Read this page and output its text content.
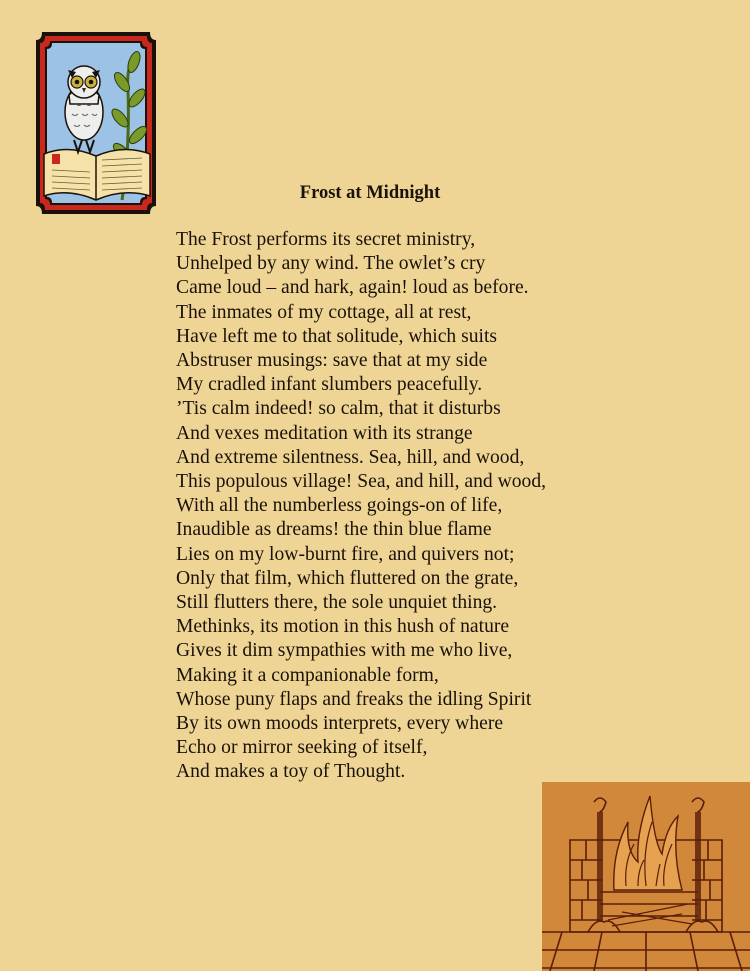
Frost at Midnight
The Frost performs its secret ministry,
Unhelped by any wind. The owlet’s cry
Came loud – and hark, again! loud as before.
The inmates of my cottage, all at rest,
Have left me to that solitude, which suits
Abstruser musings: save that at my side
My cradled infant slumbers peacefully.
’Tis calm indeed! so calm, that it disturbs
And vexes meditation with its strange
And extreme silentness. Sea, hill, and wood,
This populous village! Sea, and hill, and wood,
With all the numberless goings-on of life,
Inaudible as dreams! the thin blue flame
Lies on my low-burnt fire, and quivers not;
Only that film, which fluttered on the grate,
Still flutters there, the sole unquiet thing.
Methinks, its motion in this hush of nature
Gives it dim sympathies with me who live,
Making it a companionable form,
Whose puny flaps and freaks the idling Spirit
By its own moods interprets, every where
Echo or mirror seeking of itself,
And makes a toy of Thought.
